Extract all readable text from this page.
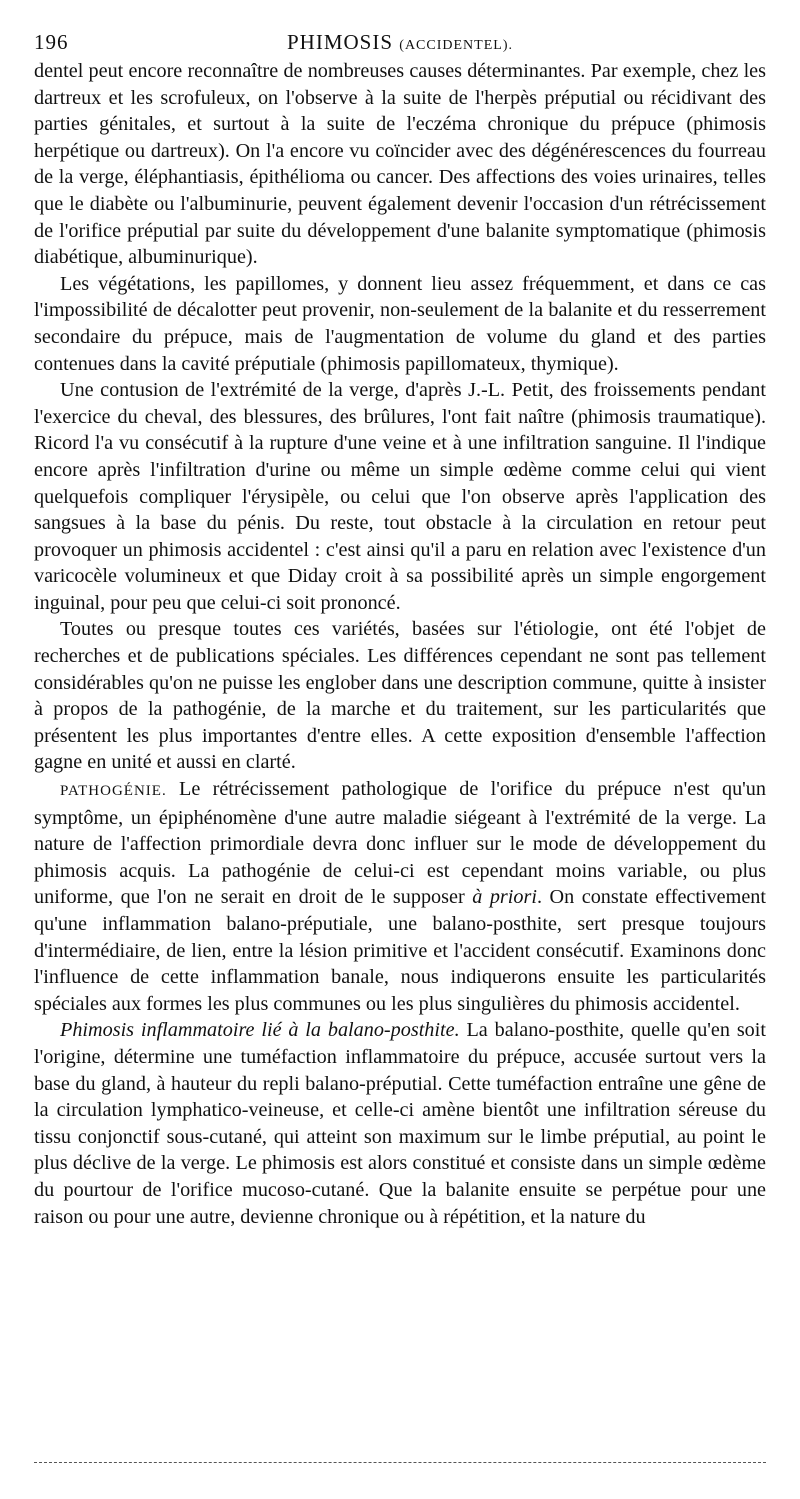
196	PHIMOSIS (ACCIDENTEL).

dentel peut encore reconnaître de nombreuses causes déterminantes. Par exemple, chez les dartreux et les scrofuleux, on l'observe à la suite de l'herpès préputial ou récidivant des parties génitales, et surtout à la suite de l'eczéma chronique du prépuce (phimosis herpétique ou dartreux). On l'a encore vu coïncider avec des dégénérescences du fourreau de la verge, éléphantiasis, épithélioma ou cancer. Des affections des voies urinaires, telles que le diabète ou l'albuminurie, peuvent également devenir l'occasion d'un rétrécissement de l'orifice préputial par suite du développement d'une balanite symptomatique (phimosis diabétique, albuminurique).

Les végétations, les papillomes, y donnent lieu assez fréquemment, et dans ce cas l'impossibilité de décalotter peut provenir, non-seulement de la balanite et du resserrement secondaire du prépuce, mais de l'augmentation de volume du gland et des parties contenues dans la cavité préputiale (phimosis papillomateux, thymique).

Une contusion de l'extrémité de la verge, d'après J.-L. Petit, des froissements pendant l'exercice du cheval, des blessures, des brûlures, l'ont fait naître (phimosis traumatique). Ricord l'a vu consécutif à la rupture d'une veine et à une infiltration sanguine. Il l'indique encore après l'infiltration d'urine ou même un simple œdème comme celui qui vient quelquefois compliquer l'érysipèle, ou celui que l'on observe après l'application des sangsues à la base du pénis. Du reste, tout obstacle à la circulation en retour peut provoquer un phimosis accidentel : c'est ainsi qu'il a paru en relation avec l'existence d'un varicocèle volumineux et que Diday croit à sa possibilité après un simple engorgement inguinal, pour peu que celui-ci soit prononcé.

Toutes ou presque toutes ces variétés, basées sur l'étiologie, ont été l'objet de recherches et de publications spéciales. Les différences cependant ne sont pas tellement considérables qu'on ne puisse les englober dans une description commune, quitte à insister à propos de la pathogénie, de la marche et du traitement, sur les particularités que présentent les plus importantes d'entre elles. A cette exposition d'ensemble l'affection gagne en unité et aussi en clarté.

PATHOGÉNIE. Le rétrécissement pathologique de l'orifice du prépuce n'est qu'un symptôme, un épiphénomène d'une autre maladie siégeant à l'extrémité de la verge. La nature de l'affection primordiale devra donc influer sur le mode de développement du phimosis acquis. La pathogénie de celui-ci est cependant moins variable, ou plus uniforme, que l'on ne serait en droit de le supposer à priori. On constate effectivement qu'une inflammation balano-préputiale, une balano-posthite, sert presque toujours d'intermédiaire, de lien, entre la lésion primitive et l'accident consécutif. Examinons donc l'influence de cette inflammation banale, nous indiquerons ensuite les particularités spéciales aux formes les plus communes ou les plus singulières du phimosis accidentel.

Phimosis inflammatoire lié à la balano-posthite. La balano-posthite, quelle qu'en soit l'origine, détermine une tuméfaction inflammatoire du prépuce, accusée surtout vers la base du gland, à hauteur du repli balano-préputial. Cette tuméfaction entraîne une gêne de la circulation lymphatico-veineuse, et celle-ci amène bientôt une infiltration séreuse du tissu conjonctif sous-cutané, qui atteint son maximum sur le limbe préputial, au point le plus déclive de la verge. Le phimosis est alors constitué et consiste dans un simple œdème du pourtour de l'orifice mucoso-cutané. Que la balanite ensuite se perpétue pour une raison ou pour une autre, devienne chronique ou à répétition, et la nature du
